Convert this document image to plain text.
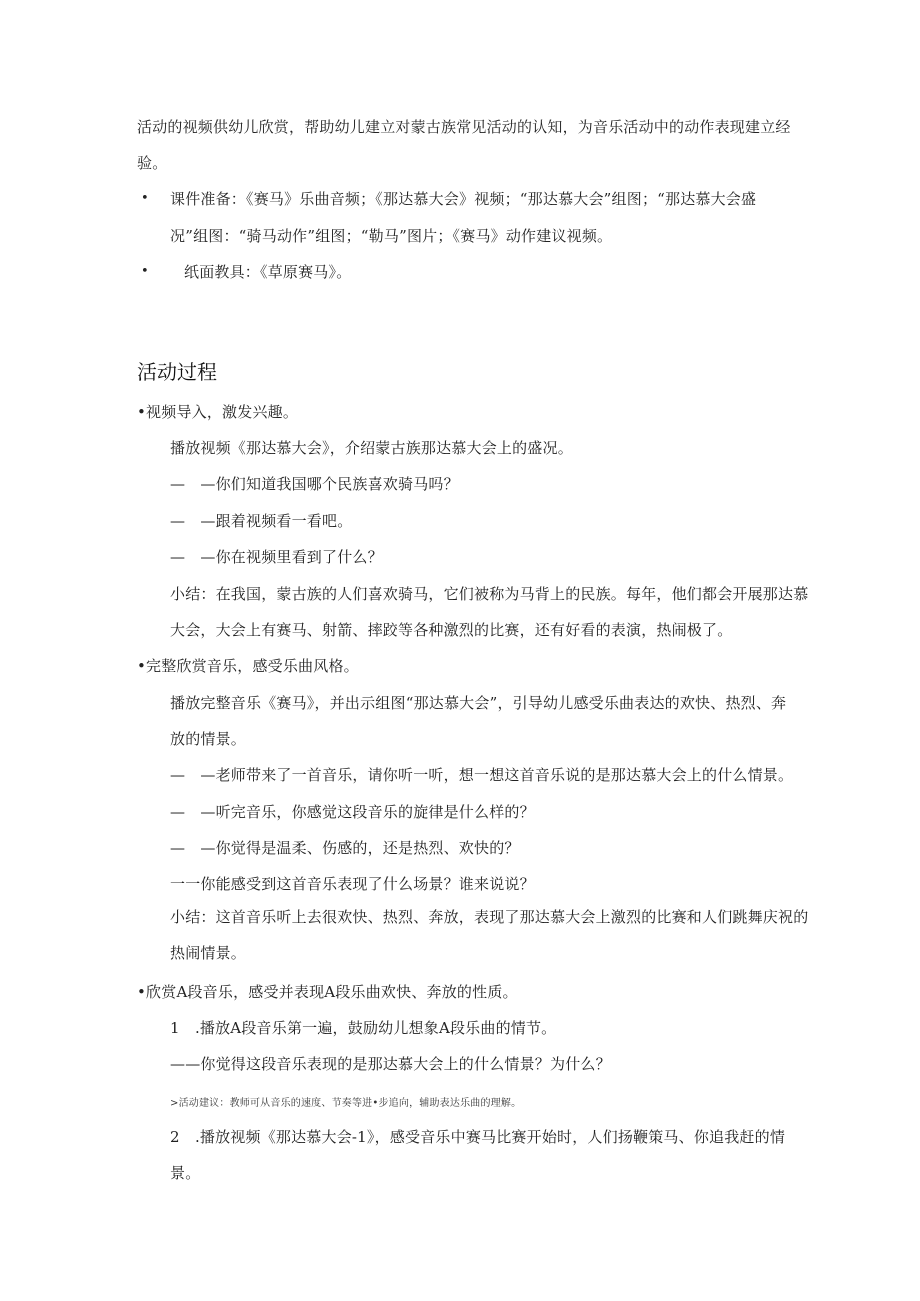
活动的视频供幼儿欣赏，帮助幼儿建立对蒙古族常见活动的认知，为音乐活动中的动作表现建立经
验。
• 课件准备：《赛马》乐曲音频；《那达慕大会》视频；“那达慕大会”组图；“那达慕大会盛
况”组图：“骑马动作”组图；“勒马”图片；《赛马》动作建议视频。
• 纸面教具：《草原赛马》。
活动过程
•视频导入，激发兴趣。
播放视频《那达慕大会》，介绍蒙古族那达慕大会上的盛况。
—　—你们知道我国哪个民族喜欢骑马吗？
—　—跟着视频看一看吧。
—　—你在视频里看到了什么？
小结：在我国，蒙古族的人们喜欢骑马，它们被称为马背上的民族。每年，他们都会开展那达慕
大会，大会上有赛马、射箭、摔跤等各种激烈的比赛，还有好看的表演，热闹极了。
•完整欣赏音乐，感受乐曲风格。
播放完整音乐《赛马》，并出示组图“那达慕大会”，引导幼儿感受乐曲表达的欢快、热烈、奔
放的情景。
—　—老师带来了一首音乐，请你听一听，想一想这首音乐说的是那达慕大会上的什么情景。
—　—听完音乐，你感觉这段音乐的旋律是什么样的？
—　—你觉得是温柔、伤感的，还是热烈、欢快的？
一一你能感受到这首音乐表现了什么场景？谁来说说？
小结：这首音乐听上去很欢快、热烈、奔放，表现了那达慕大会上激烈的比赛和人们跳舞庆祝的
热闹情景。
•欣赏A段音乐，感受并表现A段乐曲欢快、奔放的性质。
1　.播放A段音乐第一遍，鼓励幼儿想象A段乐曲的情节。
——你觉得这段音乐表现的是那达慕大会上的什么情景？为什么？
>活动建议：教师可从音乐的速度、节奏等进•步追向，辅助表达乐曲的理解。
2　.播放视频《那达慕大会-1》，感受音乐中赛马比赛开始时，人们扬鞭策马、你追我赶的情
景。
